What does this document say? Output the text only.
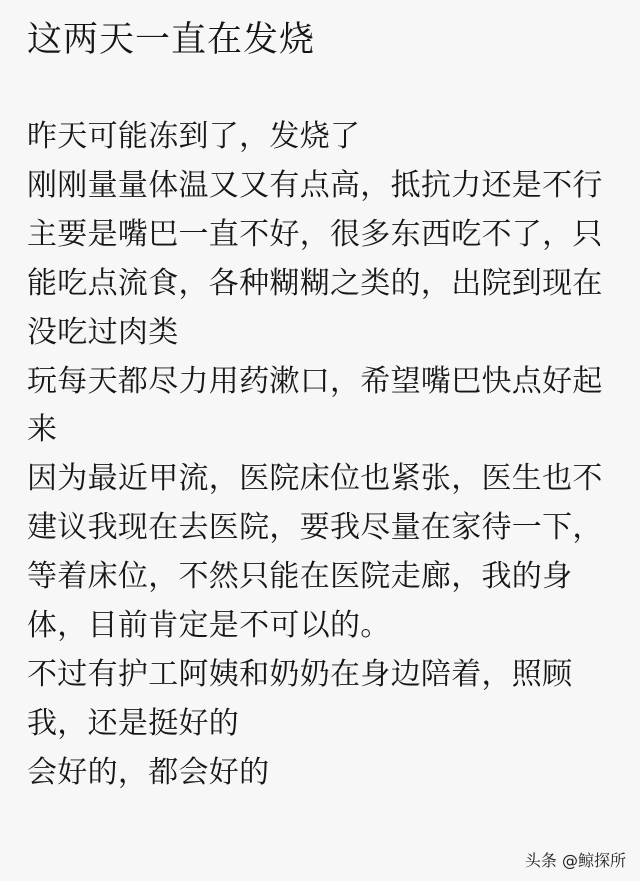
这两天一直在发烧
昨天可能冻到了，发烧了
刚刚量量体温又又有点高，抵抗力还是不行
主要是嘴巴一直不好，很多东西吃不了，只
能吃点流食，各种糊糊之类的，出院到现在
没吃过肉类
玩每天都尽力用药漱口，希望嘴巴快点好起
来
因为最近甲流，医院床位也紧张，医生也不
建议我现在去医院，要我尽量在家待一下，
等着床位，不然只能在医院走廊，我的身
体，目前肯定是不可以的。
不过有护工阿姨和奶奶在身边陪着，照顾
我，还是挺好的
会好的，都会好的
头条 @鲸探所
